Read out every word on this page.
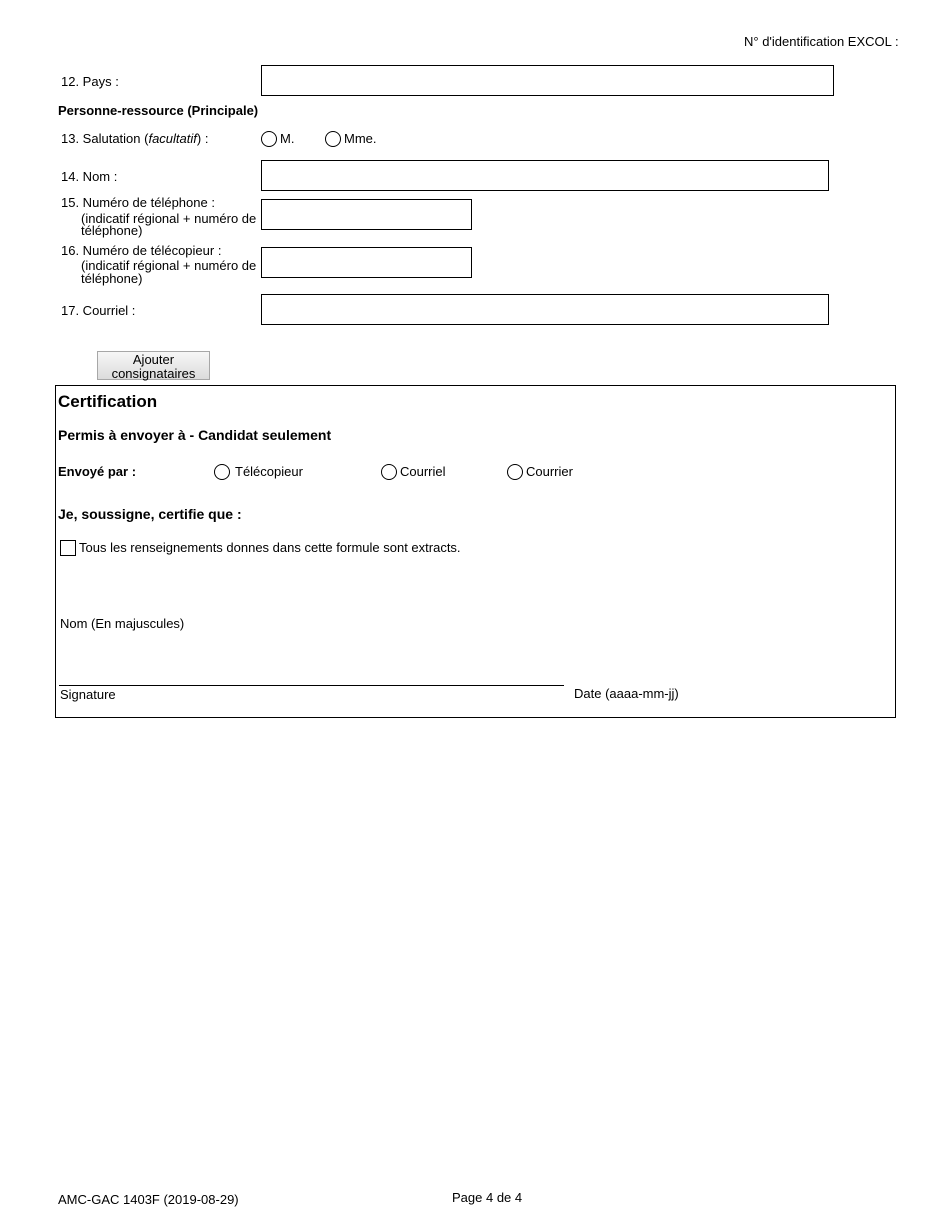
N° d'identification EXCOL :
12. Pays :
Personne-ressource (Principale)
13. Salutation (facultatif) :	M.	Mme.
14. Nom :
15. Numéro de téléphone :
(indicatif régional + numéro de
téléphone)
16. Numéro de télécopieur :
(indicatif régional + numéro de
téléphone)
17. Courriel :
Ajouter
consignataires
Certification
Permis à envoyer à - Candidat seulement
Envoyé par :	Télécopieur	Courriel	Courrier
Je, soussigne, certifie que :
Tous les renseignements donnes dans cette formule sont extracts.
Nom (En majuscules)
Signature	Date (aaaa-mm-jj)
AMC-GAC 1403F (2019-08-29)	Page 4 de 4
